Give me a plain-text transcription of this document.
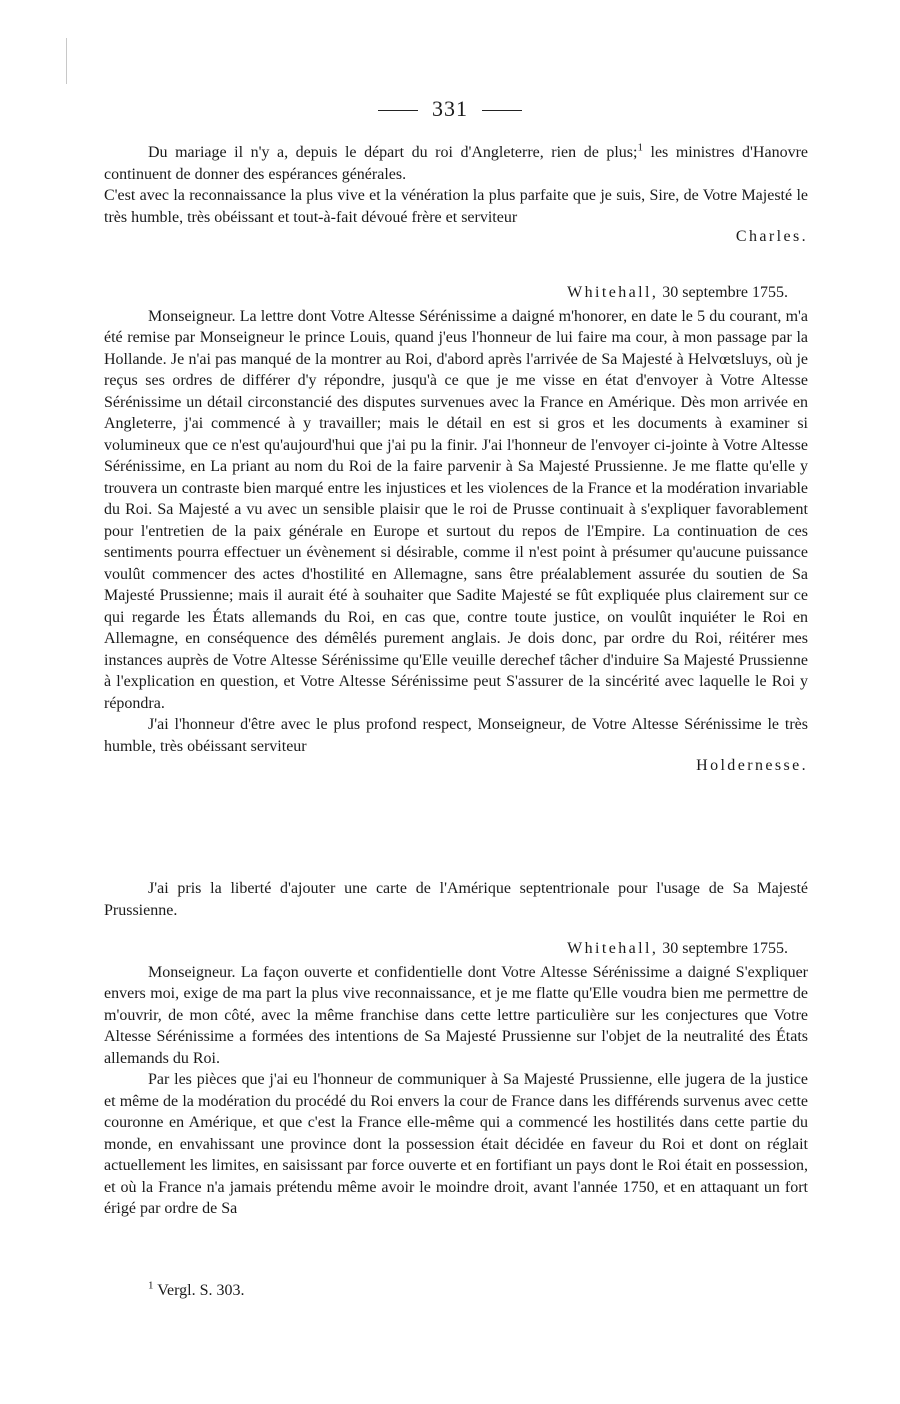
331

Du mariage il n'y a, depuis le départ du roi d'Angleterre, rien de plus;$^1$ les ministres d'Hanovre continuent de donner des espérances générales.

C'est avec la reconnaissance la plus vive et la vénération la plus parfaite que je suis, Sire, de Votre Majesté le très humble, très obéissant et tout-à-fait dévoué frère et serviteur

Charles.

Whitehall, 30 septembre 1755.

Monseigneur. La lettre dont Votre Altesse Sérénissime a daigné m'honorer, en date le 5 du courant, m'a été remise par Monseigneur le prince Louis, quand j'eus l'honneur de lui faire ma cour, à mon passage par la Hollande. Je n'ai pas manqué de la montrer au Roi, d'abord après l'arrivée de Sa Majesté à Helvœtsluys, où je reçus ses ordres de différer d'y répondre, jusqu'à ce que je me visse en état d'envoyer à Votre Altesse Sérénissime un détail circonstancié des disputes survenues avec la France en Amérique. Dès mon arrivée en Angleterre, j'ai commencé à y travailler; mais le détail en est si gros et les documents à examiner si volumineux que ce n'est qu'aujourd'hui que j'ai pu la finir. J'ai l'honneur de l'envoyer ci-jointe à Votre Altesse Sérénissime, en La priant au nom du Roi de la faire parvenir à Sa Majesté Prussienne. Je me flatte qu'elle y trouvera un contraste bien marqué entre les injustices et les violences de la France et la modération invariable du Roi. Sa Majesté a vu avec un sensible plaisir que le roi de Prusse continuait à s'expliquer favorablement pour l'entretien de la paix générale en Europe et surtout du repos de l'Empire. La continuation de ces sentiments pourra effectuer un évènement si désirable, comme il n'est point à présumer qu'aucune puissance voulût commencer des actes d'hostilité en Allemagne, sans être préalablement assurée du soutien de Sa Majesté Prussienne; mais il aurait été à souhaiter que Sadite Majesté se fût expliquée plus clairement sur ce qui regarde les États allemands du Roi, en cas que, contre toute justice, on voulût inquiéter le Roi en Allemagne, en conséquence des démêlés purement anglais. Je dois donc, par ordre du Roi, réitérer mes instances auprès de Votre Altesse Sérénissime qu'Elle veuille derechef tâcher d'induire Sa Majesté Prussienne à l'explication en question, et Votre Altesse Sérénissime peut S'assurer de la sincérité avec laquelle le Roi y répondra.

J'ai l'honneur d'être avec le plus profond respect, Monseigneur, de Votre Altesse Sérénissime le très humble, très obéissant serviteur

Holdernesse.

J'ai pris la liberté d'ajouter une carte de l'Amérique septentrionale pour l'usage de Sa Majesté Prussienne.

Whitehall, 30 septembre 1755.

Monseigneur. La façon ouverte et confidentielle dont Votre Altesse Sérénissime a daigné S'expliquer envers moi, exige de ma part la plus vive reconnaissance, et je me flatte qu'Elle voudra bien me permettre de m'ouvrir, de mon côté, avec la même franchise dans cette lettre particulière sur les conjectures que Votre Altesse Sérénissime a formées des intentions de Sa Majesté Prussienne sur l'objet de la neutralité des États allemands du Roi.

Par les pièces que j'ai eu l'honneur de communiquer à Sa Majesté Prussienne, elle jugera de la justice et même de la modération du procédé du Roi envers la cour de France dans les différends survenus avec cette couronne en Amérique, et que c'est la France elle-même qui a commencé les hostilités dans cette partie du monde, en envahissant une province dont la possession était décidée en faveur du Roi et dont on réglait actuellement les limites, en saisissant par force ouverte et en fortifiant un pays dont le Roi était en possession, et où la France n'a jamais prétendu même avoir le moindre droit, avant l'année 1750, et en attaquant un fort érigé par ordre de Sa

$^1$ Vergl. S. 303.
